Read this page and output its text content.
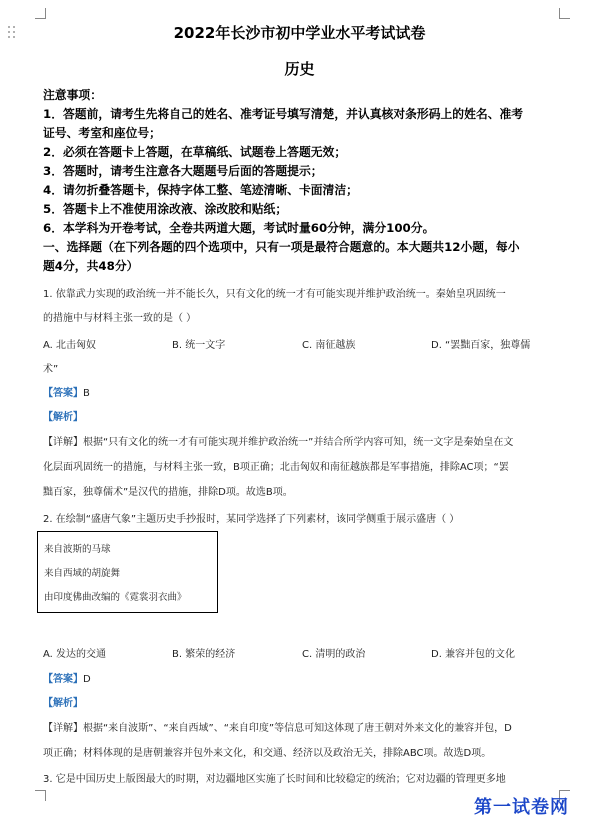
2022年长沙市初中学业水平考试试卷
历史
注意事项：
1．答题前，请考生先将自己的姓名、准考证号填写清楚，并认真核对条形码上的姓名、准考
证号、考室和座位号；
2．必须在答题卡上答题，在草稿纸、试题卷上答题无效；
3．答题时，请考生注意各大题题号后面的答题提示；
4．请勿折叠答题卡，保持字体工整、笔迹清晰、卡面清洁；
5．答题卡上不准使用涂改液、涂改胶和贴纸；
6．本学科为开卷考试，全卷共两道大题，考试时量60分钟，满分100分。
一、选择题（在下列各题的四个选项中，只有一项是最符合题意的。本大题共12小题，每小
题4分，共48分）
1. 依靠武力实现的政治统一并不能长久，只有文化的统一才有可能实现并维护政治统一。秦始皇巩固统一
的措施中与材料主张一致的是（ ）
A. 北击匈奴	B. 统一文字	C. 南征越族	D. “罢黜百家，独尊儒
术”
【答案】B
【解析】
【详解】根据“只有文化的统一才有可能实现并维护政治统一”并结合所学内容可知，统一文字是秦始皇在文
化层面巩固统一的措施，与材料主张一致，B项正确；北击匈奴和南征越族都是军事措施，排除AC项；“罢
黜百家，独尊儒术”是汉代的措施，排除D项。故选B项。
2. 在绘制“盛唐气象”主题历史手抄报时，某同学选择了下列素材，该同学侧重于展示盛唐（ ）
来自波斯的马球
来自西域的胡旋舞
由印度佛曲改编的《霓裳羽衣曲》
A. 发达的交通	B. 繁荣的经济	C. 清明的政治	D. 兼容并包的文化
【答案】D
【解析】
【详解】根据“来自波斯”、“来自西域”、“来自印度”等信息可知这体现了唐王朝对外来文化的兼容并包，D
项正确；材料体现的是唐朝兼容并包外来文化，和交通、经济以及政治无关，排除ABC项。故选D项。
3. 它是中国历史上版图最大的时期，对边疆地区实施了长时间和比较稳定的统治；它对边疆的管理更多地
第一试卷网
